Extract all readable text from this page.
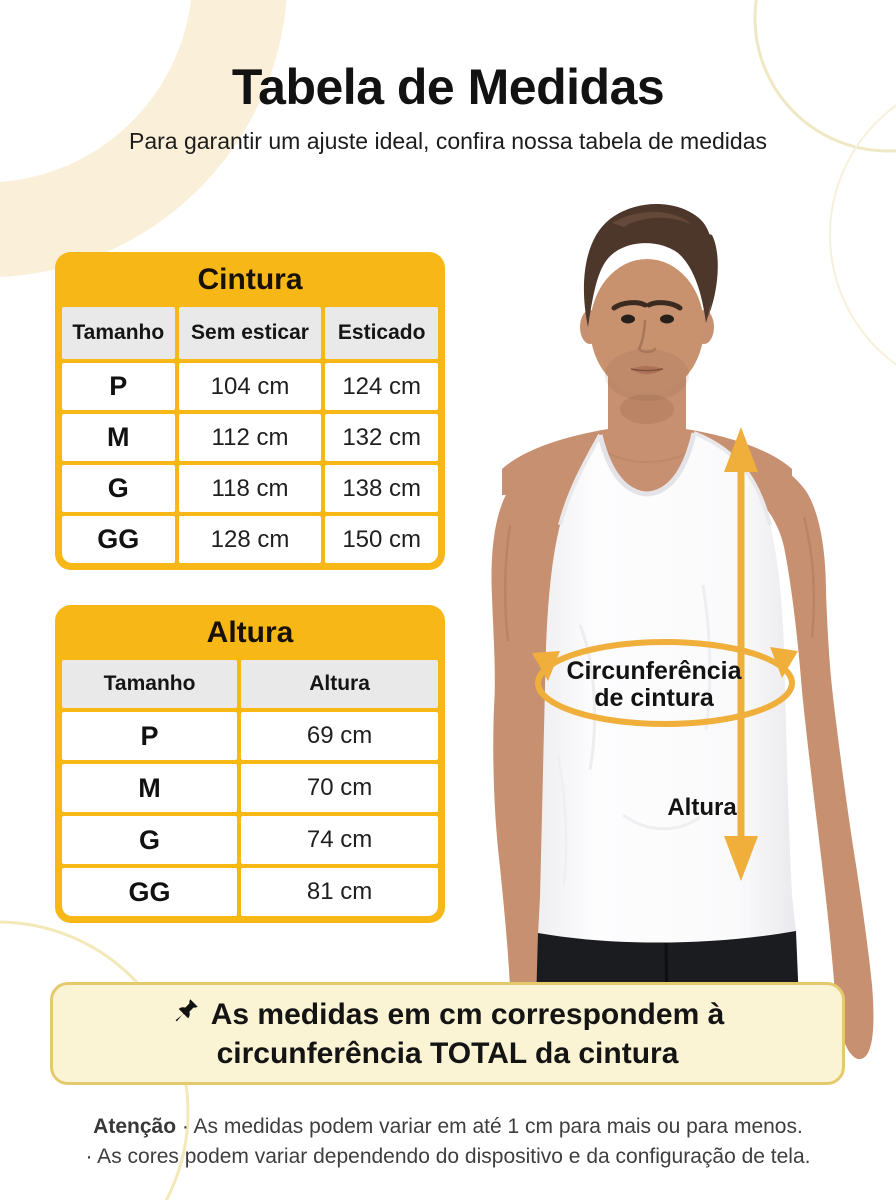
Tabela de Medidas

Para garantir um ajuste ideal, confira nossa tabela de medidas

Circunferência
de cintura
Altura
Cintura
Tamanho	Sem esticar	Esticado
P	104 cm	124 cm
M	112 cm	132 cm
G	118 cm	138 cm
GG	128 cm	150 cm
Altura
Tamanho	Altura
P	69 cm
M	70 cm
G	74 cm
GG	81 cm
As medidas em cm correspondem à
circunferência TOTAL da cintura
Atenção · As medidas podem variar em até 1 cm para mais ou para menos.
· As cores podem variar dependendo do dispositivo e da configuração de tela.
